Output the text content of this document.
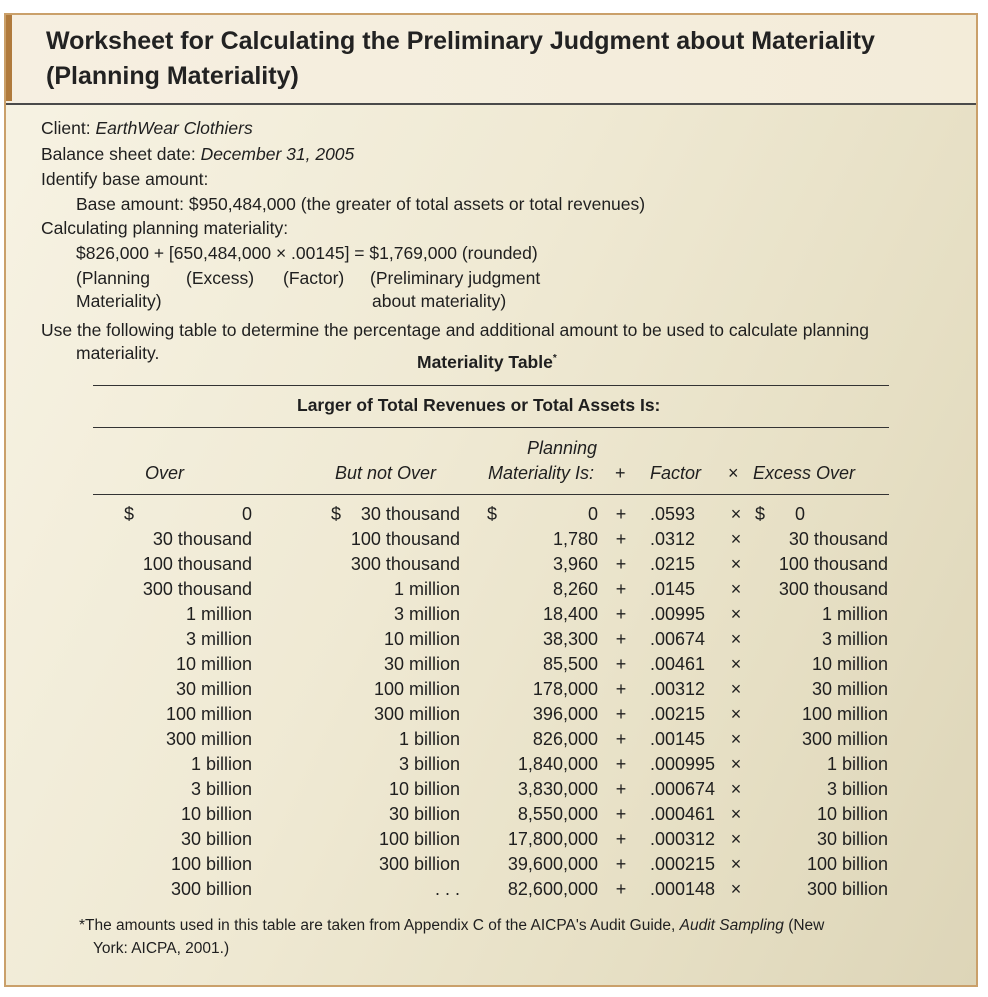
Worksheet for Calculating the Preliminary Judgment about Materiality
(Planning Materiality)
Client: EarthWear Clothiers
Balance sheet date: December 31, 2005
Identify base amount:
Base amount: $950,484,000 (the greater of total assets or total revenues)
Calculating planning materiality:
$826,000 + [650,484,000 × .00145] = $1,769,000 (rounded)
(Planning
Materiality)
(Excess) (Factor) (Preliminary judgment
about materiality)
Use the following table to determine the percentage and additional amount to be used to calculate planning
materiality.	Materiality Table*
Larger of Total Revenues or Total Assets Is:
Over	But not Over
Planning
Materiality Is: + Factor × Excess Over
$	0	$	30 thousand $	0 + .0593	× $	0
30 thousand	100 thousand	1,780 + .0312	×	30 thousand
100 thousand	300 thousand	3,960 + .0215	×	100 thousand
300 thousand	1 million	8,260 + .0145	×	300 thousand
1 million	3 million	18,400 + .00995	×	1 million
3 million	10 million	38,300 + .00674	×	3 million
10 million	30 million	85,500 + .00461	×	10 million
30 million	100 million	178,000 + .00312	×	30 million
100 million	300 million	396,000 + .00215	×	100 million
300 million	1 billion	826,000 + .00145	×	300 million
1 billion	3 billion	1,840,000 + .000995 ×	1 billion
3 billion	10 billion	3,830,000 + .000674 ×	3 billion
10 billion	30 billion	8,550,000 + .000461 ×	10 billion
30 billion	100 billion	17,800,000 + .000312 ×	30 billion
100 billion	300 billion	39,600,000 + .000215 ×	100 billion
300 billion	. . .	82,600,000 + .000148 ×	300 billion
*The amounts used in this table are taken from Appendix C of the AICPA's Audit Guide, Audit Sampling (New
York: AICPA, 2001.)
